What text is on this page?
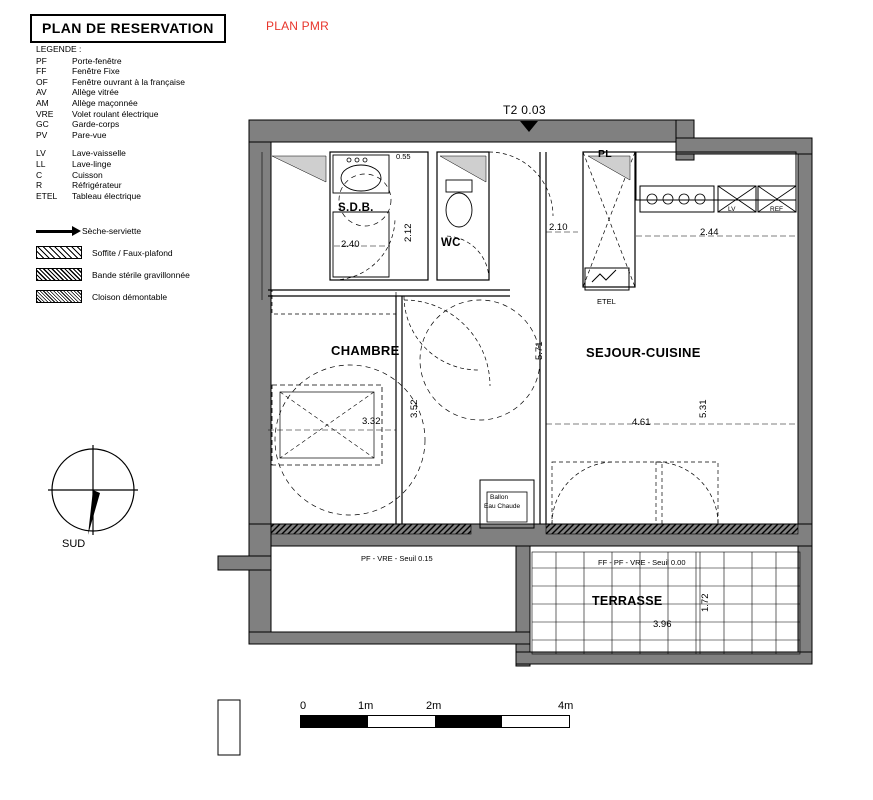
PLAN DE RESERVATION	PLAN PMR
LEGENDE :
PF	Porte-fenêtre
FF	Fenêtre Fixe
OF	Fenêtre ouvrant à la française
AV	Allège vitrée
AM	Allège maçonnée
VRE	Volet roulant électrique
GC	Garde-corps
PV	Pare-vue
LV	Lave-vaisselle
LL	Lave-linge
C	Cuisson
R	Réfrigérateur
ETEL	Tableau électrique
Sèche-serviette
Soffite / Faux-plafond
Bande stérile gravillonnée
Cloison démontable
SUD
T2 0.03
S.D.B.
2.40
2.12
0.55
WC
PL
CHAMBRE
3.32
3.52
SEJOUR-CUISINE
4.61
5.31
5.71
2.10	2.44
ETEL
LV	REF
Ballon
Eau Chaude
PF - VRE - Seuil 0.15	FF - PF - VRE - Seuil 0.00
TERRASSE
3.96
1.72
0	1m	2m	4m
